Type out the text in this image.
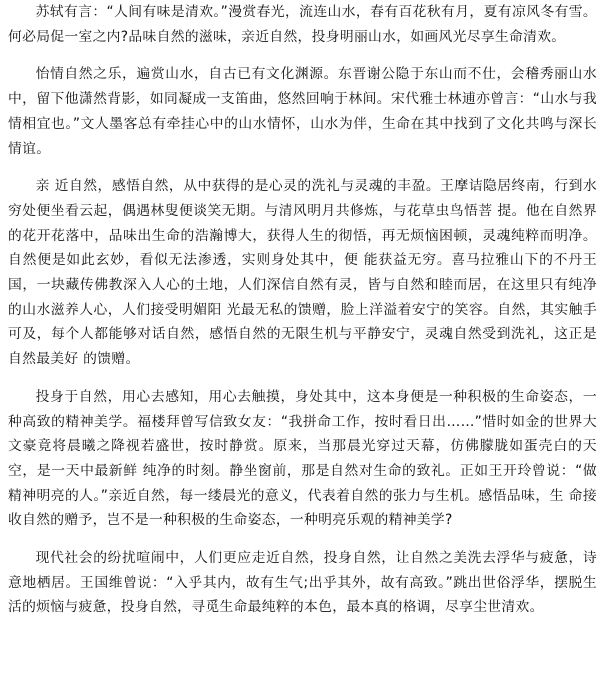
苏轼有言：“人间有味是清欢。”漫赏春光，流连山水，春有百花秋有月，夏有凉风冬有雪。何必局促一室之内?品味自然的滋味，亲近自然，投身明丽山水，如画风光尽享生命清欢。

怡情自然之乐，遍赏山水，自古已有文化渊源。东晋谢公隐于东山而不仕，会稽秀丽山水中，留下他潇然背影，如同凝成一支笛曲，悠然回响于林间。宋代雅士林逋亦曾言：“山水与我情相宜也。”文人墨客总有牵挂心中的山水情怀，山水为伴，生命在其中找到了文化共鸣与深长情谊。

亲 近自然，感悟自然，从中获得的是心灵的洗礼与灵魂的丰盈。王摩诘隐居终南，行到水穷处便坐看云起，偶遇林叟便谈笑无期。与清风明月共修炼，与花草虫鸟悟菩 提。他在自然界的花开花落中，品味出生命的浩瀚博大，获得人生的彻悟，再无烦恼困顿，灵魂纯粹而明净。自然便是如此玄妙，看似无法渗透，实则身处其中，便 能获益无穷。喜马拉雅山下的不丹王国，一块藏传佛教深入人心的土地，人们深信自然有灵，皆与自然和睦而居，在这里只有纯净的山水滋养人心，人们接受明媚阳 光最无私的馈赠，脸上洋溢着安宁的笑容。自然，其实触手可及，每个人都能够对话自然，感悟自然的无限生机与平静安宁，灵魂自然受到洗礼，这正是自然最美好 的馈赠。

投身于自然，用心去感知，用心去触摸，身处其中，这本身便是一种积极的生命姿态，一种高致的精神美学。福楼拜曾写信致女友：“我拼命工作，按时看日出……”惜时如金的世界大文豪竟将晨曦之降视若盛世，按时静赏。原来，当那晨光穿过天幕，仿佛朦胧如蛋壳白的天空，是一天中最新鲜 纯净的时刻。静坐窗前，那是自然对生命的致礼。正如王开玲曾说：“做精神明亮的人。”亲近自然，每一缕晨光的意义，代表着自然的张力与生机。感悟品味，生 命接收自然的赠予，岂不是一种积极的生命姿态，一种明亮乐观的精神美学?

现代社会的纷扰喧闹中，人们更应走近自然，投身自然，让自然之美洗去浮华与疲惫，诗意地栖居。王国维曾说：“入乎其内，故有生气;出乎其外，故有高致。”跳出世俗浮华，摆脱生活的烦恼与疲惫，投身自然，寻觅生命最纯粹的本色，最本真的格调，尽享尘世清欢。
